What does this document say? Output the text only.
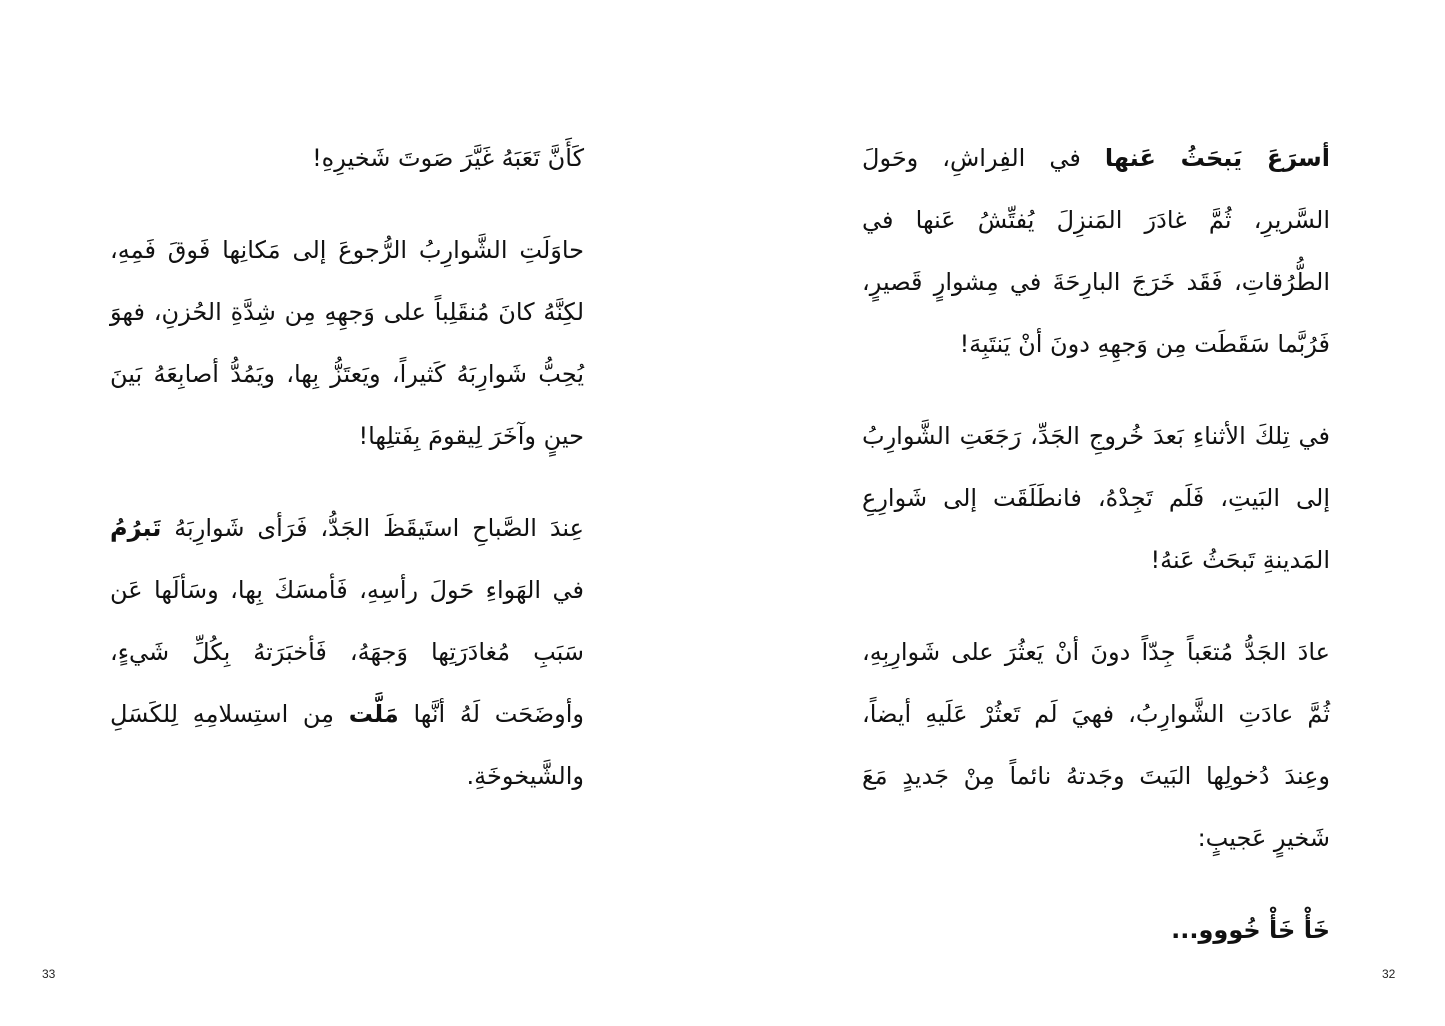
كَأَنَّ تَعَبَهُ غَيَّرَ صَوتَ شَخيرِهِ!

حاوَلَتِ الشَّوارِبُ الرُّجوعَ إلى مَكانِها فَوقَ فَمِهِ، لكِنَّهُ كانَ مُنقَلِباً على وَجهِهِ مِن شِدَّةِ الحُزنِ، فهوَ يُحِبُّ شَوارِبَهُ كَثيراً، ويَعتَزُّ بِها، ويَمُدُّ أصابِعَهُ بَينَ حينٍ وآخَرَ لِيقومَ بِفَتلِها!

عِندَ الصَّباحِ استَيقَظَ الجَدُّ، فَرَأى شَوارِبَهُ تَبرُمُ في الهَواءِ حَولَ رأسِهِ، فَأمسَكَ بِها، وسَألَها عَن سَبَبِ مُغادَرَتِها وَجهَهُ، فَأخبَرَتهُ بِكُلِّ شَيءٍ، وأوضَحَت لَهُ أنَّها مَلَّت مِن استِسلامِهِ لِلكَسَلِ والشَّيخوخَةِ.

33

أسرَعَ يَبحَثُ عَنها في الفِراشِ، وحَولَ السَّريرِ، ثُمَّ غادَرَ المَنزِلَ يُفتِّشُ عَنها في الطُّرُقاتِ، فَقَد خَرَجَ البارِحَةَ في مِشوارٍ قَصيرٍ، فَرُبَّما سَقَطَت مِن وَجهِهِ دونَ أنْ يَنتَبِهَ!

في تِلكَ الأثناءِ بَعدَ خُروجِ الجَدِّ، رَجَعَتِ الشَّوارِبُ إلى البَيتِ، فَلَم تَجِدْهُ، فانطَلَقَت إلى شَوارِعِ المَدينةِ تَبحَثُ عَنهُ!

عادَ الجَدُّ مُتعَباً جِدّاً دونَ أنْ يَعثُرَ على شَوارِبِهِ، ثُمَّ عادَتِ الشَّوارِبُ، فهيَ لَم تَعثُرْ عَلَيهِ أيضاً، وعِندَ دُخولِها البَيتَ وجَدتهُ نائماً مِنْ جَديدٍ مَعَ شَخيرٍ عَجيبٍ:

خَأْ خَأْ خُووو...

32
